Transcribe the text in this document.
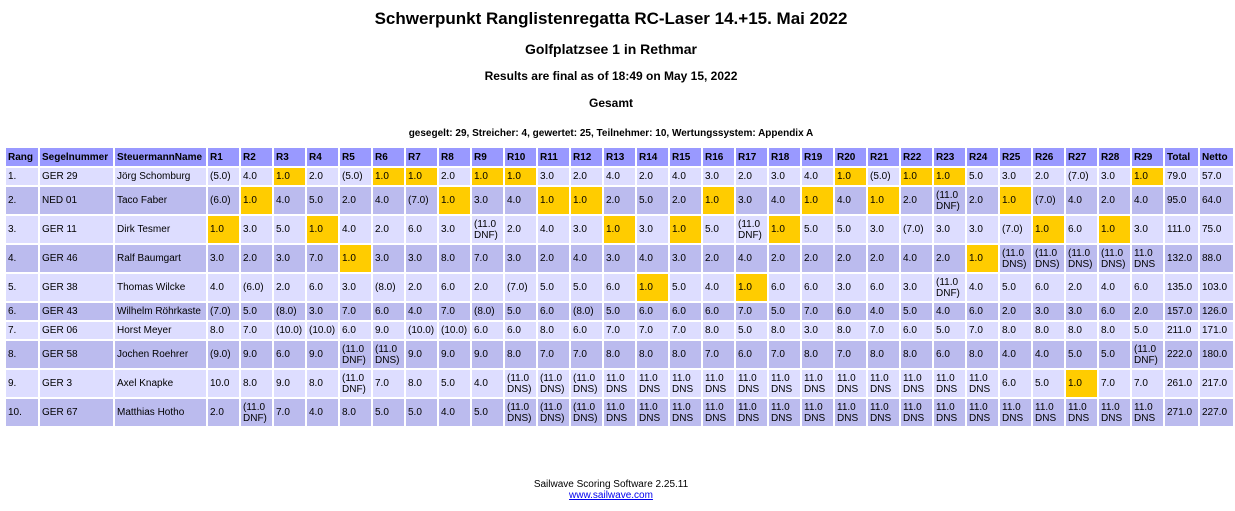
Schwerpunkt Ranglistenregatta RC-Laser 14.+15. Mai 2022
Golfplatzsee 1 in Rethmar
Results are final as of 18:49 on May 15, 2022
Gesamt
gesegelt: 29, Streicher: 4, gewertet: 25, Teilnehmer: 10, Wertungssystem: Appendix A
Rang	Segelnummer	SteuermannName	R1	R2	R3	R4	R5	R6	R7	R8	R9	R10	R11	R12	R13	R14	R15	R16	R17	R18	R19	R20	R21	R22	R23	R24	R25	R26	R27	R28	R29	Total	Netto
1.	GER 29	Jörg Schomburg	(5.0)	4.0	1.0	2.0	(5.0)	1.0	1.0	2.0	1.0	1.0	3.0	2.0	4.0	2.0	4.0	3.0	2.0	3.0	4.0	1.0	(5.0)	1.0	1.0	5.0	3.0	2.0	(7.0)	3.0	1.0	79.0	57.0
2.	NED 01	Taco Faber	(6.0)	1.0	4.0	5.0	2.0	4.0	(7.0)	1.0	3.0	4.0	1.0	1.0	2.0	5.0	2.0	1.0	3.0	4.0	1.0	4.0	1.0	2.0	(11.0 DNF)	2.0	1.0	(7.0)	4.0	2.0	4.0	95.0	64.0
3.	GER 11	Dirk Tesmer	1.0	3.0	5.0	1.0	4.0	2.0	6.0	3.0	(11.0 DNF)	2.0	4.0	3.0	1.0	3.0	1.0	5.0	(11.0 DNF)	1.0	5.0	5.0	3.0	(7.0)	3.0	3.0	(7.0)	1.0	6.0	1.0	3.0	111.0	75.0
4.	GER 46	Ralf Baumgart	3.0	2.0	3.0	7.0	1.0	3.0	3.0	8.0	7.0	3.0	2.0	4.0	3.0	4.0	3.0	2.0	4.0	2.0	2.0	2.0	2.0	4.0	2.0	1.0	(11.0 DNS)	(11.0 DNS)	(11.0 DNS)	(11.0 DNS)	11.0 DNS	132.0	88.0
5.	GER 38	Thomas Wilcke	4.0	(6.0)	2.0	6.0	3.0	(8.0)	2.0	6.0	2.0	(7.0)	5.0	5.0	6.0	1.0	5.0	4.0	1.0	6.0	6.0	3.0	6.0	3.0	(11.0 DNF)	4.0	5.0	6.0	2.0	4.0	6.0	135.0	103.0
6.	GER 43	Wilhelm Röhrkaste	(7.0)	5.0	(8.0)	3.0	7.0	6.0	4.0	7.0	(8.0)	5.0	6.0	(8.0)	5.0	6.0	6.0	6.0	7.0	5.0	7.0	6.0	4.0	5.0	4.0	6.0	2.0	3.0	3.0	6.0	2.0	157.0	126.0
7.	GER 06	Horst Meyer	8.0	7.0	(10.0)	(10.0)	6.0	9.0	(10.0)	(10.0)	6.0	6.0	8.0	6.0	7.0	7.0	7.0	8.0	5.0	8.0	3.0	8.0	7.0	6.0	5.0	7.0	8.0	8.0	8.0	8.0	5.0	211.0	171.0
8.	GER 58	Jochen Roehrer	(9.0)	9.0	6.0	9.0	(11.0 DNF)	(11.0 DNS)	9.0	9.0	9.0	8.0	7.0	7.0	8.0	8.0	8.0	7.0	6.0	7.0	8.0	7.0	8.0	8.0	6.0	8.0	4.0	4.0	5.0	5.0	(11.0 DNF)	222.0	180.0
9.	GER 3	Axel Knapke	10.0	8.0	9.0	8.0	(11.0 DNF)	7.0	8.0	5.0	4.0	(11.0 DNS)	(11.0 DNS)	(11.0 DNS)	11.0 DNS	11.0 DNS	11.0 DNS	11.0 DNS	11.0 DNS	11.0 DNS	11.0 DNS	11.0 DNS	11.0 DNS	11.0 DNS	11.0 DNS	11.0 DNS	6.0	5.0	1.0	7.0	7.0	261.0	217.0
10.	GER 67	Matthias Hotho	2.0	(11.0 DNF)	7.0	4.0	8.0	5.0	5.0	4.0	5.0	(11.0 DNS)	(11.0 DNS)	(11.0 DNS)	11.0 DNS	11.0 DNS	11.0 DNS	11.0 DNS	11.0 DNS	11.0 DNS	11.0 DNS	11.0 DNS	11.0 DNS	11.0 DNS	11.0 DNS	11.0 DNS	11.0 DNS	11.0 DNS	11.0 DNS	11.0 DNS	11.0 DNS	271.0	227.0
Sailwave Scoring Software 2.25.11
www.sailwave.com
